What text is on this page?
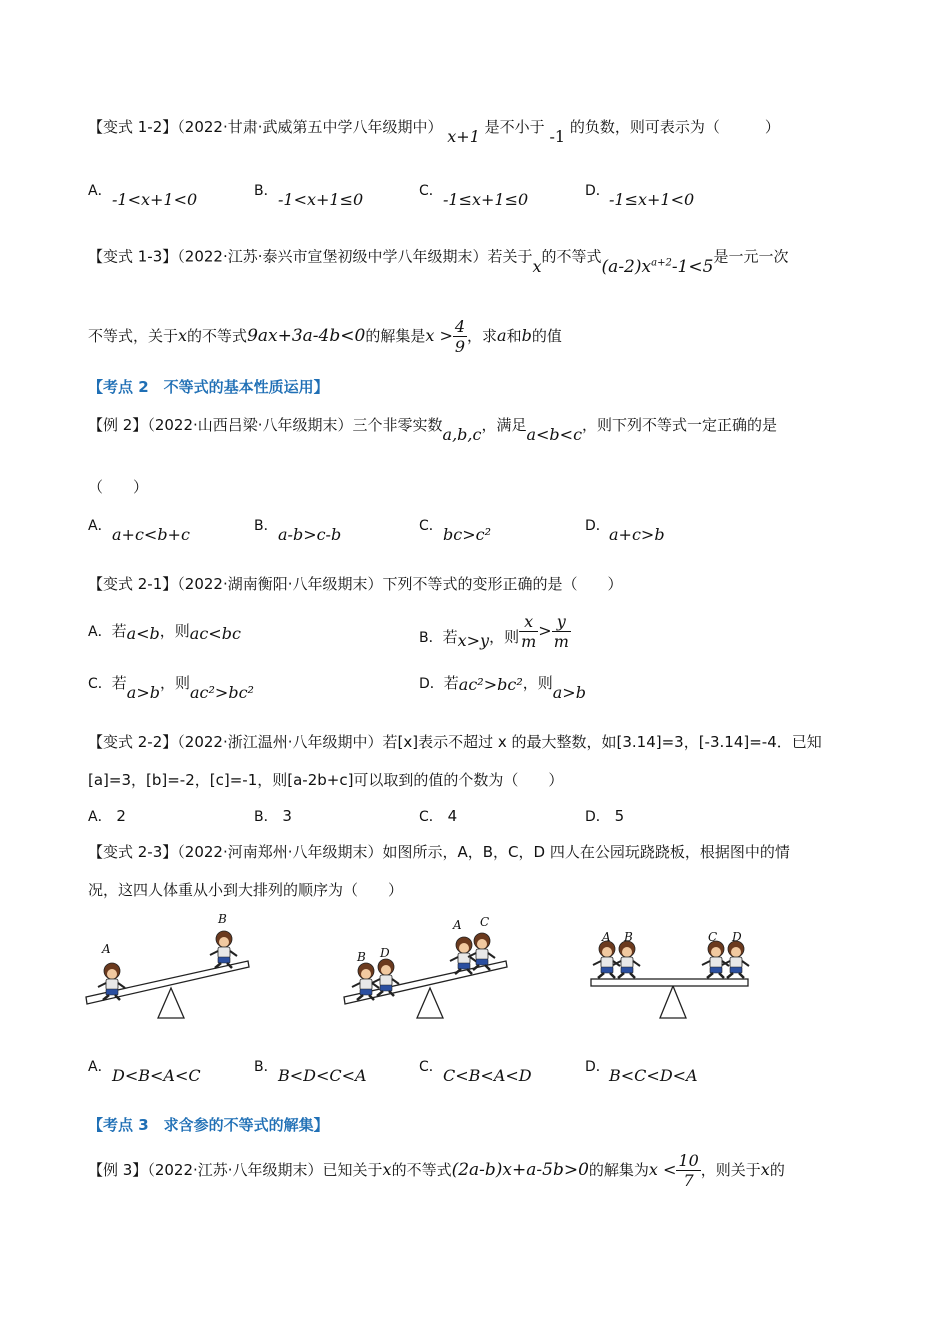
【变式 1-2】（2022·甘肃·武威第五中学八年级期中） x+1 是不小于 -1 的负数，则可表示为（　　　）
A． -1<x+1<0	B． -1<x+1≤0	C． -1≤x+1≤0	D． -1≤x+1<0
【变式 1-3】（2022·江苏·泰兴市宣堡初级中学八年级期末）若关于x的不等式$(a-2)x^{a+2}-1<5$是一元一次
不等式，关于x的不等式9ax+3a-4b<0的解集是$x > \frac{4}{9}$ ，求a和b的值
【考点 2　不等式的基本性质运用】
【例 2】（2022·山西吕梁·八年级期末）三个非零实数a,b,c，满足a<b<c，则下列不等式一定正确的是
（　　）
A． a+c<b+c	B． a-b>c-b	C． bc>c²	D． a+c>b
【变式 2-1】（2022·湖南衡阳·八年级期末）下列不等式的变形正确的是（　　）
A．若a<b，则ac<bc	B．若x>y，则 $\frac{x}{m} > \frac{y}{m}$
C．若a>b，则ac²>bc²	D．若ac²>bc²，则a>b
【变式 2-2】（2022·浙江温州·八年级期中）若[x]表示不超过 x 的最大整数，如[3.14]=3，[-3.14]=-4．已知
[a]=3，[b]=-2，[c]=-1，则[a-2b+c]可以取到的值的个数为（　　）
A． 2	B． 3	C． 4	D． 5
【变式 2-3】（2022·河南郑州·八年级期末）如图所示，A，B，C，D 四人在公园玩跷跷板，根据图中的情
况，这四人体重从小到大排列的顺序为（　　）
A
B
B D
A C
A B	C D
A． D<B<A<C	B． B<D<C<A	C． C<B<A<D	D． B<C<D<A
【考点 3　求含参的不等式的解集】
【例 3】（2022·江苏·八年级期末）已知关于x的不等式(2a-b)x+a-5b>0的解集为$x < \frac{10}{7}$ ，则关于x的
